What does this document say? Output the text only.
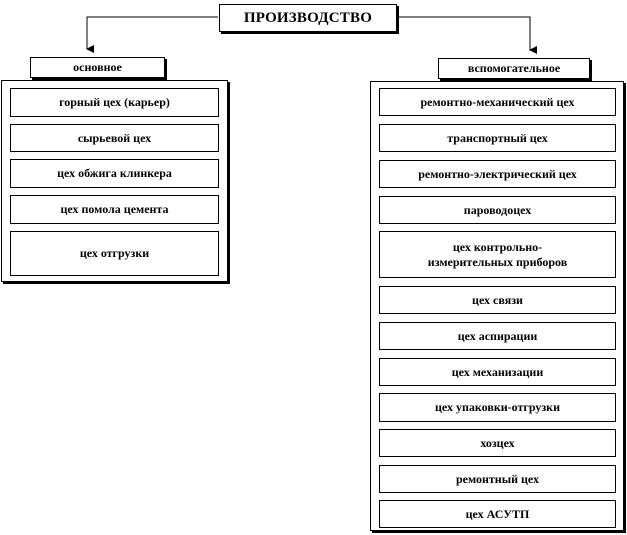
ПРОИЗВОДСТВО
основное	вспомогательное
горный цех (карьер)
сырьевой цех
цех обжига клинкера
цех помола цемента
цех отгрузки
ремонтно-механический цех
транспортный цех
ремонтно-электрический цех
пароводоцех
цех контрольно-измерительных приборов
цех связи
цех аспирации
цех механизации
цех упаковки-отгрузки
хозцех
ремонтный цех
цех АСУТП
